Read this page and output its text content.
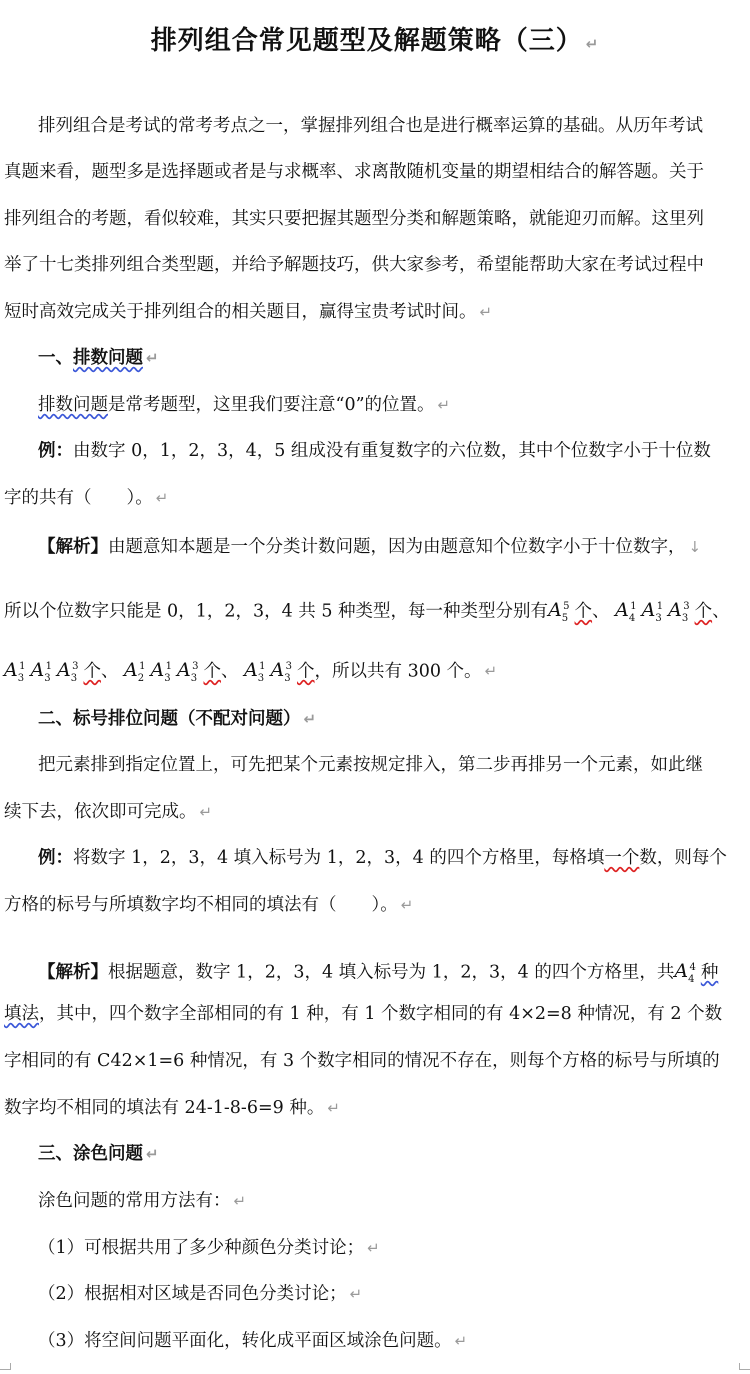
排列组合常见题型及解题策略（三） ↵
排列组合是考试的常考考点之一，掌握排列组合也是进行概率运算的基础。从历年考试
真题来看，题型多是选择题或者是与求概率、求离散随机变量的期望相结合的解答题。关于
排列组合的考题，看似较难，其实只要把握其题型分类和解题策略，就能迎刃而解。这里列
举了十七类排列组合类型题，并给予解题技巧，供大家参考，希望能帮助大家在考试过程中
短时高效完成关于排列组合的相关题目，赢得宝贵考试时间。 ↵
一、排数问题 ↵
排数问题是常考题型，这里我们要注意“0”的位置。 ↵
例：由数字 0，1，2，3，4，5 组成没有重复数字的六位数，其中个位数字小于十位数
字的共有（　　）。 ↵
【解析】由题意知本题是一个分类计数问题，因为由题意知个位数字小于十位数字， ↓
所以个位数字只能是 0，1，2，3，4 共 5 种类型，每一种类型分别有$A_5^5$ 个、 $A_4^1$ $A_3^1$ $A_3^3$ 个、
$A_3^1$ $A_3^1$ $A_3^3$ 个、 $A_2^1$ $A_3^1$ $A_3^3$ 个、 $A_3^1$ $A_3^3$ 个，所以共有 300 个。 ↵
二、标号排位问题（不配对问题） ↵
把元素排到指定位置上，可先把某个元素按规定排入，第二步再排另一个元素，如此继
续下去，依次即可完成。 ↵
例：将数字 1，2，3，4 填入标号为 1，2，3，4 的四个方格里，每格填一个数，则每个
方格的标号与所填数字均不相同的填法有（　　）。 ↵
【解析】根据题意，数字 1，2，3，4 填入标号为 1，2，3，4 的四个方格里，共$A_4^4$ 种
填法，其中，四个数字全部相同的有 1 种，有 1 个数字相同的有 4×2=8 种情况，有 2 个数
字相同的有 C42×1=6 种情况，有 3 个数字相同的情况不存在，则每个方格的标号与所填的
数字均不相同的填法有 24-1-8-6=9 种。 ↵
三、涂色问题 ↵
涂色问题的常用方法有： ↵
（1）可根据共用了多少种颜色分类讨论； ↵
（2）根据相对区域是否同色分类讨论； ↵
（3）将空间问题平面化，转化成平面区域涂色问题。 ↵
